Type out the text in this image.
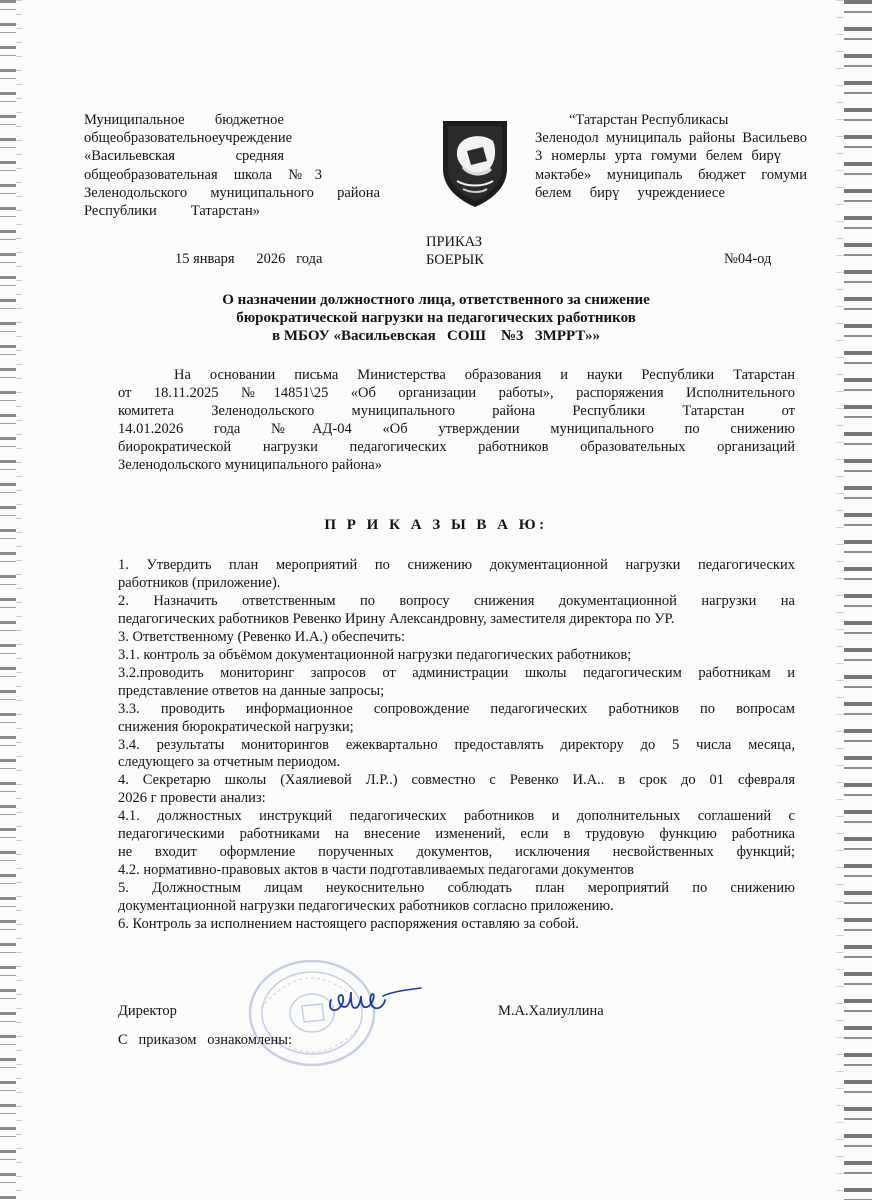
Муниципальное бюджетное
общеобразовательноеучреждение
«Васильевская средняя
общеобразовательная школа №3
Зеленодольского муниципального района
Республики Татарстан»
“Татарстан Республикасы
Зеленодол муниципаль районы Васильево
3 номерлы урта гомуми белем бирү
мәктәбе» муниципаль бюджет гомуми
белем бирү учреждениесе
ПРИКАЗ
БОЕРЫК
15 января      2026   года	№04-од
О назначении должностного лица, ответственного за снижение
бюрократической нагрузки на педагогических работников
в МБОУ «Васильевская   СОШ    №3   ЗМРРТ»»
На основании письма Министерства образования и науки Республики Татарстан
от 18.11.2025 №14851\25 «Об организации работы», распоряжения Исполнительного
комитета Зеленодольского муниципального района Республики Татарстан от
14.01.2026 года №АД-04 «Об утверждении муниципального по снижению
биорократической нагрузки педагогических работников образовательных организаций
Зеленодольского муниципального района»
П Р И К А З Ы В А Ю:
1. Утвердить план мероприятий по снижению документационной нагрузки педагогических
работников (приложение).
2. Назначить ответственным по вопросу снижения документационной нагрузки на
педагогических работников Ревенко Ирину Александровну, заместителя директора по УР.
3. Ответственному (Ревенко И.А.) обеспечить:
3.1. контроль за объёмом документационной нагрузки педагогических работников;
3.2.проводить мониторинг запросов от администрации школы педагогическим работникам и
представление ответов на данные запросы;
3.3. проводить информационное сопровождение педагогических работников по вопросам
снижения бюрократической нагрузки;
3.4. результаты мониторингов ежеквартально предоставлять директору до 5 числа месяца,
следующего за отчетным периодом.
4. Секретарю школы (Хаялиевой Л.Р..) совместно с Ревенко И.А.. в срок до 01 сфевраля
2026 г провести анализ:
4.1. должностных инструкций педагогических работников и дополнительных соглашений с
педагогическими работниками на внесение изменений, если в трудовую функцию работника
не входит оформление порученных документов, исключения несвойственных функций;
4.2. нормативно-правовых актов в части подготавливаемых педагогами документов
5. Должностным лицам неукоснительно соблюдать план мероприятий по снижению
документационной нагрузки педагогических работников согласно приложению.
6. Контроль за исполнением настоящего распоряжения оставляю за собой.
Директор	М.А.Халиуллина
С   приказом   ознакомлены:
